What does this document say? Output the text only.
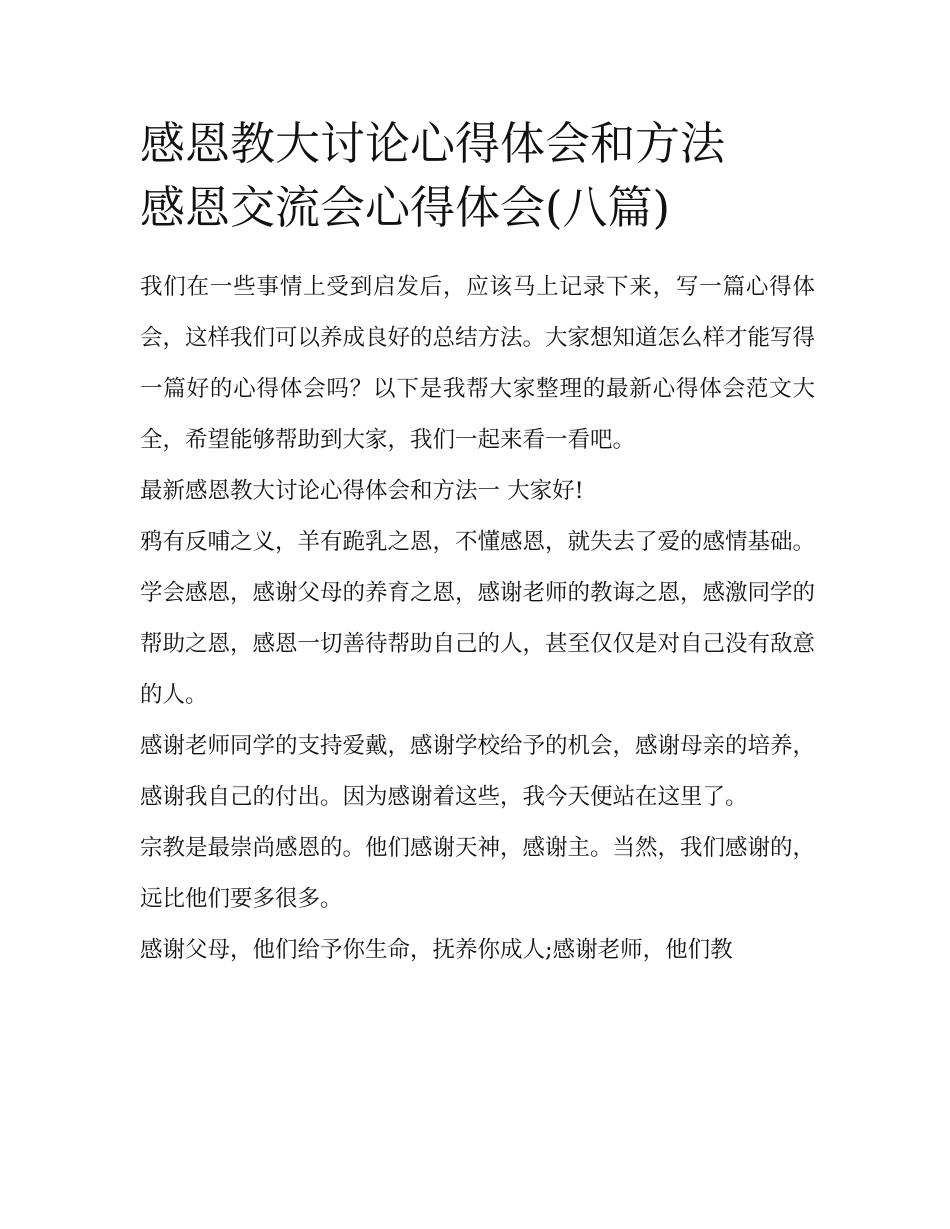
感恩教大讨论心得体会和方法
感恩交流会心得体会(八篇)

我们在一些事情上受到启发后，应该马上记录下来，写一篇心得体会，这样我们可以养成良好的总结方法。大家想知道怎么样才能写得一篇好的心得体会吗？以下是我帮大家整理的最新心得体会范文大全，希望能够帮助到大家，我们一起来看一看吧。

最新感恩教大讨论心得体会和方法一 大家好!

鸦有反哺之义，羊有跪乳之恩，不懂感恩，就失去了爱的感情基础。学会感恩，感谢父母的养育之恩，感谢老师的教诲之恩，感激同学的帮助之恩，感恩一切善待帮助自己的人，甚至仅仅是对自己没有敌意的人。

感谢老师同学的支持爱戴，感谢学校给予的机会，感谢母亲的培养，感谢我自己的付出。因为感谢着这些，我今天便站在这里了。

宗教是最崇尚感恩的。他们感谢天神，感谢主。当然，我们感谢的，远比他们要多很多。

感谢父母，他们给予你生命，抚养你成人;感谢老师，他们教
